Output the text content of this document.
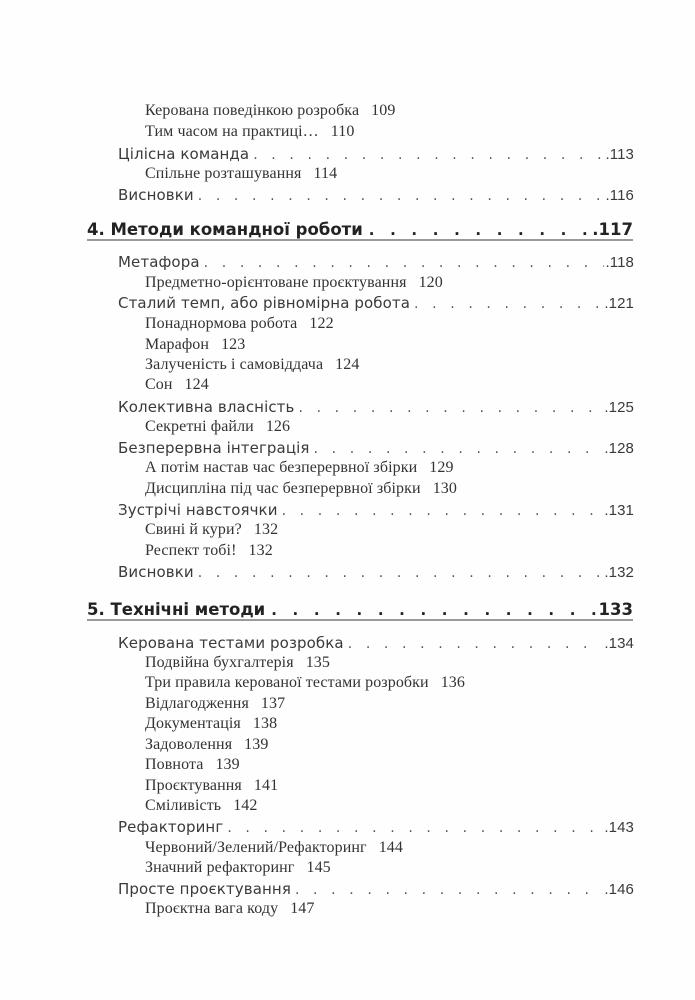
Керована поведінкою розробка 109
Тим часом на практиці… 110
Цілісна команда . . .	.113
Спільне розташування 114
Висновки . . .	.116
4. Методи командної роботи . . .	.117
Метафора . . .	.118
Предметно-орієнтоване проєктування 120
Сталий темп, або рівномірна робота . . .	.121
Понаднормова робота 122
Марафон 123
Залученість і самовіддача 124
Сон 124
Колективна власність . . .	.125
Секретні файли 126
Безперервна інтеграція . . .	.128
А потім настав час безперервної збірки 129
Дисципліна під час безперервної збірки 130
Зустрічі навстоячки . . .	.131
Свині й кури? 132
Респект тобі! 132
Висновки . . .	.132
5. Технічні методи . . .	133
Керована тестами розробка . . .	.134
Подвійна бухгалтерія 135
Три правила керованої тестами розробки 136
Відлагодження 137
Документація 138
Задоволення 139
Повнота 139
Проєктування 141
Сміливість 142
Рефакторинг . . .	.143
Червоний/Зелений/Рефакторинг 144
Значний рефакторинг 145
Просте проєктування . . .	.146
Проєктна вага коду 147
